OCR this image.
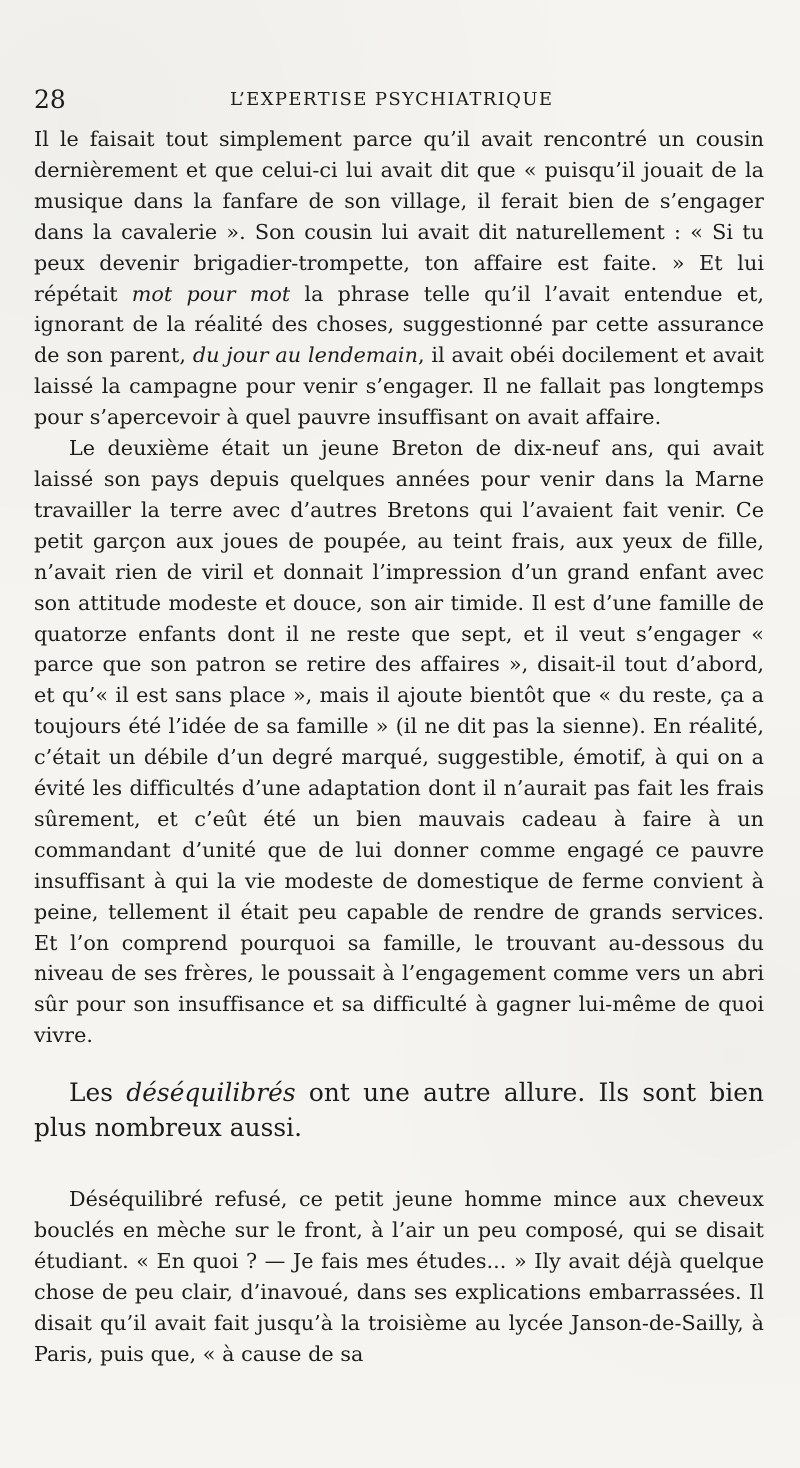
28	L’EXPERTISE PSYCHIATRIQUE

Il le faisait tout simplement parce qu’il avait rencontré un cousin dernièrement et que celui-ci lui avait dit que « puisqu’il jouait de la musique dans la fanfare de son village, il ferait bien de s’engager dans la cavalerie ». Son cousin lui avait dit naturellement : « Si tu peux devenir brigadier-trompette, ton affaire est faite. » Et lui répétait mot pour mot la phrase telle qu’il l’avait entendue et, ignorant de la réalité des choses, suggestionné par cette assurance de son parent, du jour au lendemain, il avait obéi docilement et avait laissé la campagne pour venir s’engager. Il ne fallait pas longtemps pour s’apercevoir à quel pauvre insuffisant on avait affaire.

Le deuxième était un jeune Breton de dix-neuf ans, qui avait laissé son pays depuis quelques années pour venir dans la Marne travailler la terre avec d’autres Bretons qui l’avaient fait venir. Ce petit garçon aux joues de poupée, au teint frais, aux yeux de fille, n’avait rien de viril et donnait l’impression d’un grand enfant avec son attitude modeste et douce, son air timide. Il est d’une famille de quatorze enfants dont il ne reste que sept, et il veut s’engager « parce que son patron se retire des affaires », disait-il tout d’abord, et qu’« il est sans place », mais il ajoute bientôt que « du reste, ça a toujours été l’idée de sa famille » (il ne dit pas la sienne). En réalité, c’était un débile d’un degré marqué, suggestible, émotif, à qui on a évité les difficultés d’une adaptation dont il n’aurait pas fait les frais sûrement, et c’eût été un bien mauvais cadeau à faire à un commandant d’unité que de lui donner comme engagé ce pauvre insuffisant à qui la vie modeste de domestique de ferme convient à peine, tellement il était peu capable de rendre de grands services. Et l’on comprend pourquoi sa famille, le trouvant au-dessous du niveau de ses frères, le poussait à l’engagement comme vers un abri sûr pour son insuffisance et sa difficulté à gagner lui-même de quoi vivre.

Les déséquilibrés ont une autre allure. Ils sont bien plus nombreux aussi.

Déséquilibré refusé, ce petit jeune homme mince aux cheveux bouclés en mèche sur le front, à l’air un peu composé, qui se disait étudiant. « En quoi ? — Je fais mes études... » Ily avait déjà quelque chose de peu clair, d’inavoué, dans ses explications embarrassées. Il disait qu’il avait fait jusqu’à la troisième au lycée Janson-de-Sailly, à Paris, puis que, « à cause de sa
